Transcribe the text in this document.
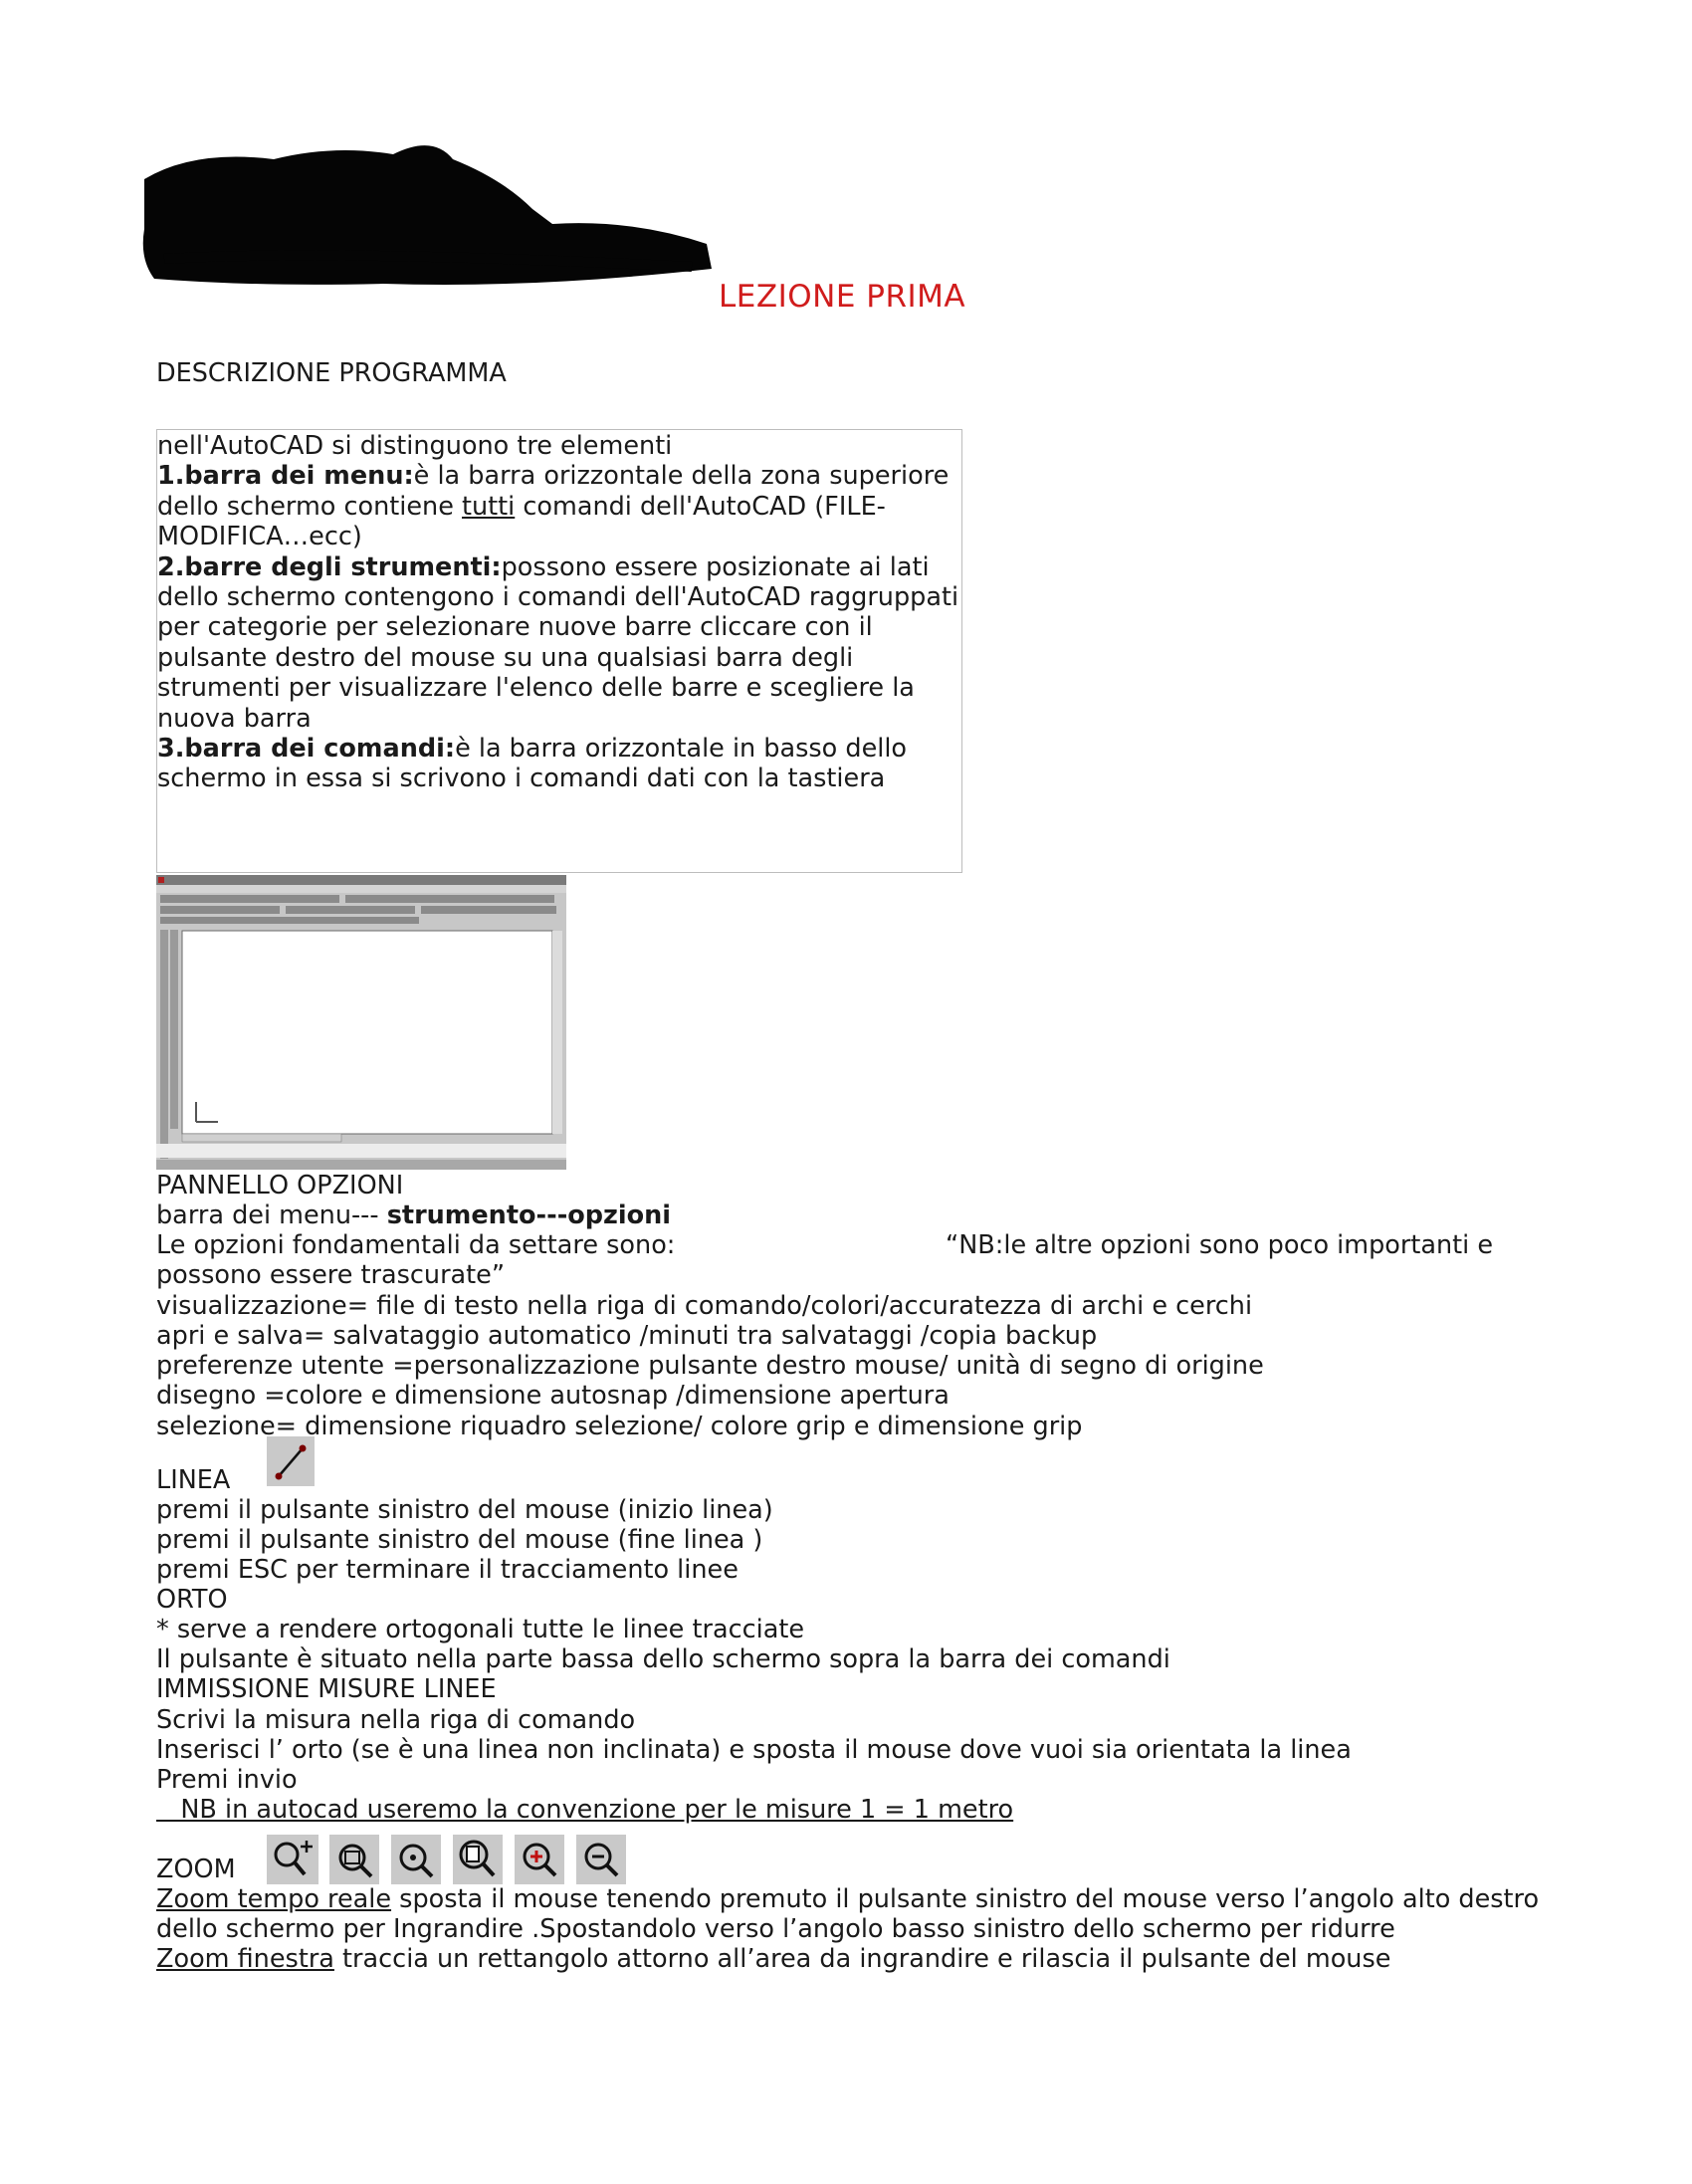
LEZIONE PRIMA
DESCRIZIONE PROGRAMMA
nell'AutoCAD si distinguono tre elementi
1.barra dei menu:è la barra orizzontale della zona superiore
dello schermo contiene tutti comandi dell'AutoCAD (FILE-
MODIFICA…ecc)
2.barre degli strumenti:possono essere posizionate ai lati
dello schermo contengono i comandi dell'AutoCAD raggruppati
per categorie per selezionare nuove barre cliccare con il
pulsante destro del mouse su una qualsiasi barra degli
strumenti per visualizzare l'elenco delle barre e scegliere la
nuova barra
3.barra dei comandi:è la barra orizzontale in basso dello
schermo in essa si scrivono i comandi dati con la tastiera
PANNELLO OPZIONI
barra dei menu--- strumento---opzioni
Le opzioni fondamentali da settare sono:	“NB:le altre opzioni sono poco importanti e
possono essere trascurate”
visualizzazione= file di testo nella riga di comando/colori/accuratezza di archi e cerchi
apri e salva= salvataggio automatico /minuti tra salvataggi /copia backup
preferenze utente =personalizzazione pulsante destro mouse/ unità di segno di origine
disegno =colore e dimensione autosnap /dimensione apertura
selezione= dimensione riquadro selezione/ colore grip e dimensione grip
LINEA
premi il pulsante sinistro del mouse (inizio linea)
premi il pulsante sinistro del mouse (fine linea )
premi ESC per terminare il tracciamento linee
ORTO
* serve a rendere ortogonali tutte le linee tracciate
Il pulsante è situato nella parte bassa dello schermo sopra la barra dei comandi
IMMISSIONE MISURE LINEE
Scrivi la misura nella riga di comando
Inserisci l’ orto (se è una linea non inclinata) e sposta il mouse dove vuoi sia orientata la linea
Premi invio
NB in autocad useremo la convenzione per le misure 1 = 1 metro
ZOOM
Zoom tempo reale sposta il mouse tenendo premuto il pulsante sinistro del mouse verso l’angolo alto destro
dello schermo per Ingrandire .Spostandolo verso l’angolo basso sinistro dello schermo per ridurre
Zoom finestra traccia un rettangolo attorno all’area da ingrandire e rilascia il pulsante del mouse
